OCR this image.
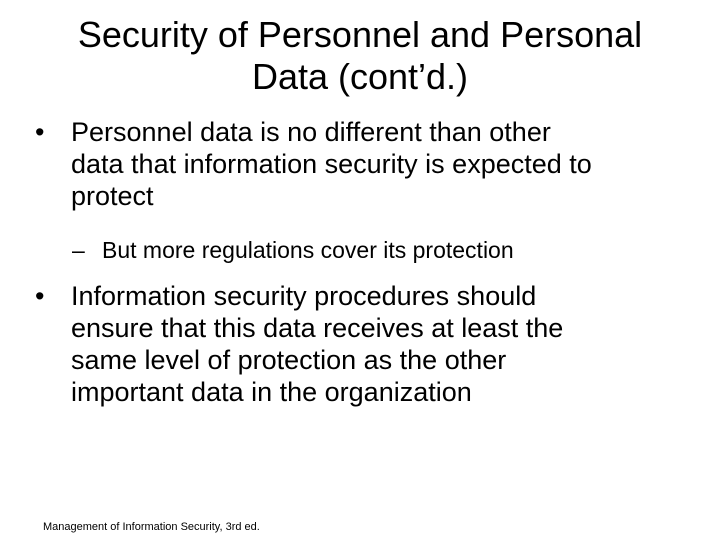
Security of Personnel and Personal
Data (cont’d.)
• Personnel data is no different than other
data that information security is expected to
protect
– But more regulations cover its protection
• Information security procedures should
ensure that this data receives at least the
same level of protection as the other
important data in the organization
Management of Information Security, 3rd ed.
